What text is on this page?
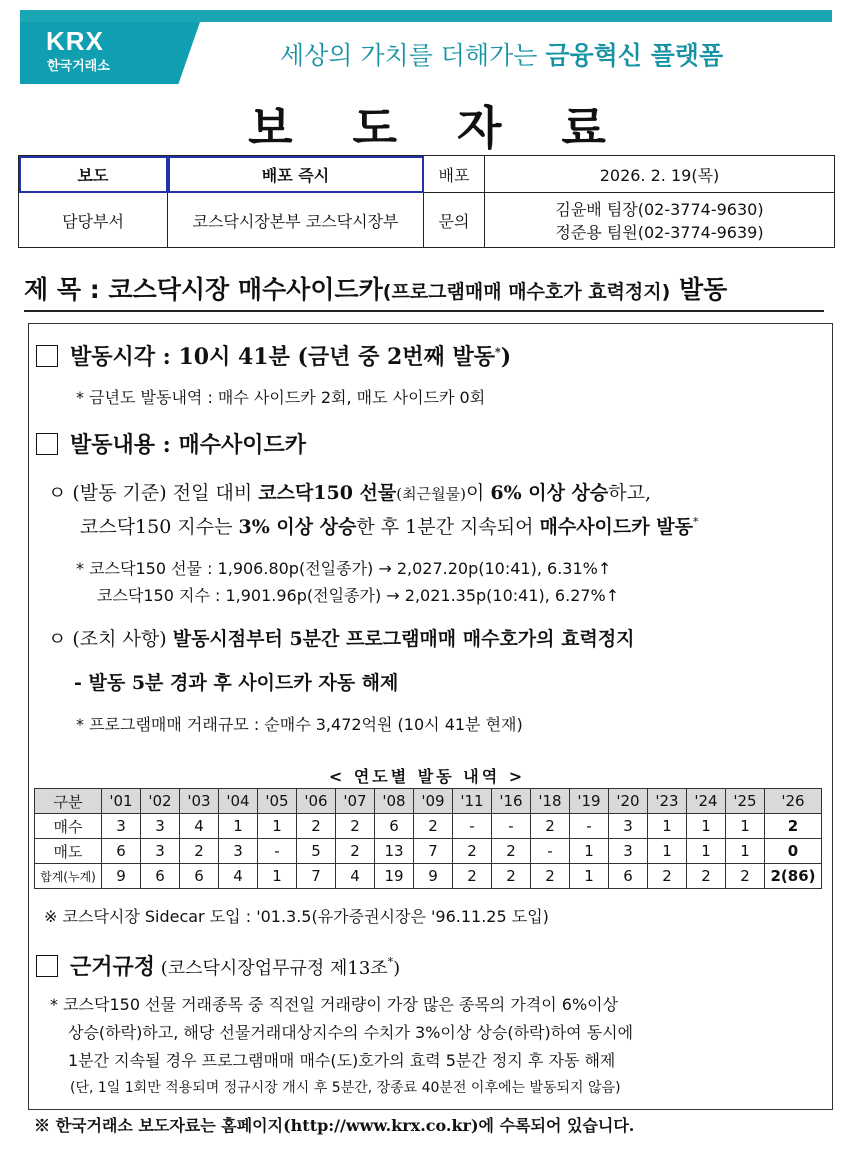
KRX
한국거래소	세상의 가치를 더해가는 금융혁신 플랫폼
보도자료
보도	배포 즉시	배포	2026. 2. 19(목)
담당부서	코스닥시장본부 코스닥시장부	문의	김윤배 팀장(02-3774-9630)
정준용 팀원(02-3774-9639)
제 목 : 코스닥시장 매수사이드카(프로그램매매 매수호가 효력정지) 발동
발동시각 : 10시 41분 (금년 중 2번째 발동*)
* 금년도 발동내역 : 매수 사이드카 2회, 매도 사이드카 0회
발동내용 : 매수사이드카
ㅇ (발동 기준) 전일 대비 코스닥150 선물(최근월물)이 6% 이상 상승하고,
코스닥150 지수는 3% 이상 상승한 후 1분간 지속되어 매수사이드카 발동*
* 코스닥150 선물 : 1,906.80p(전일종가) → 2,027.20p(10:41), 6.31%↑
코스닥150 지수 : 1,901.96p(전일종가) → 2,021.35p(10:41), 6.27%↑
ㅇ (조치 사항) 발동시점부터 5분간 프로그램매매 매수호가의 효력정지
- 발동 5분 경과 후 사이드카 자동 해제
* 프로그램매매 거래규모 : 순매수 3,472억원 (10시 41분 현재)
< 연도별 발동 내역 >
구분	'01	'02	'03	'04	'05	'06	'07	'08	'09	'11	'16	'18	'19	'20	'23	'24	'25	'26
매수	3	3	4	1	1	2	2	6	2	-	-	2	-	3	1	1	1	2
매도	6	3	2	3	-	5	2	13	7	2	2	-	1	3	1	1	1	0
합계(누계)	9	6	6	4	1	7	4	19	9	2	2	2	1	6	2	2	2	2(86)
※ 코스닥시장 Sidecar 도입 : '01.3.5(유가증권시장은 '96.11.25 도입)
근거규정 (코스닥시장업무규정 제13조*)
* 코스닥150 선물 거래종목 중 직전일 거래량이 가장 많은 종목의 가격이 6%이상
상승(하락)하고, 해당 선물거래대상지수의 수치가 3%이상 상승(하락)하여 동시에
1분간 지속될 경우 프로그램매매 매수(도)호가의 효력 5분간 정지 후 자동 해제
(단, 1일 1회만 적용되며 정규시장 개시 후 5분간, 장종료 40분전 이후에는 발동되지 않음)
※ 한국거래소 보도자료는 홈페이지(http://www.krx.co.kr)에 수록되어 있습니다.
